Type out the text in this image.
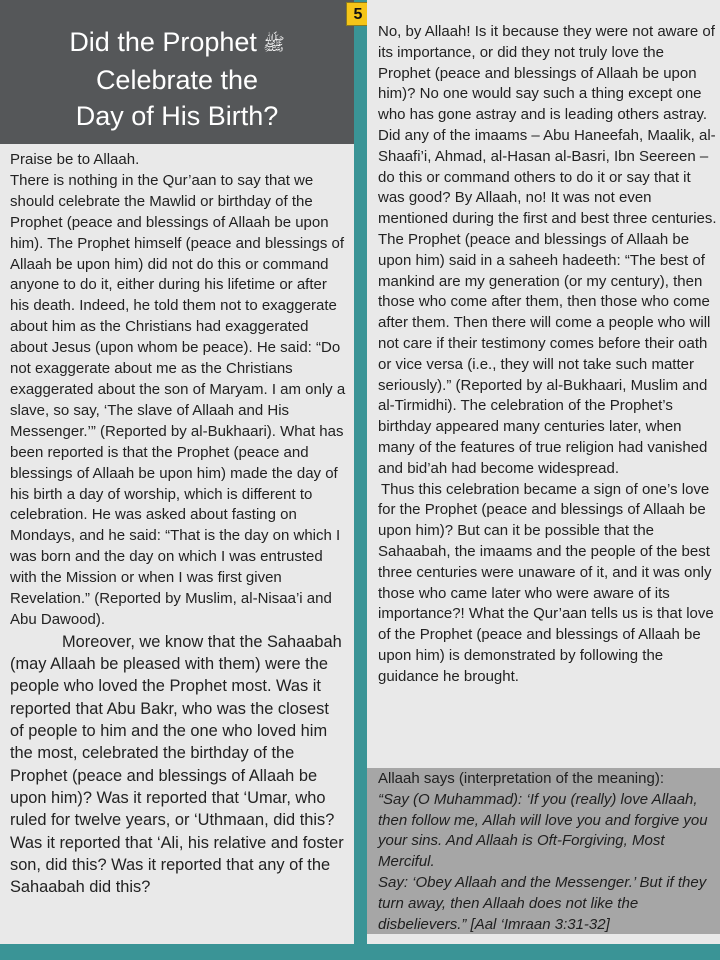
Did the Prophet ﷺ
Celebrate the
Day of His Birth?

Praise be to Allaah.

There is nothing in the Qur’aan to say that we should celebrate the Mawlid or birthday of the Prophet (peace and blessings of Allaah be upon him). The Prophet himself (peace and blessings of Allaah be upon him) did not do this or command anyone to do it, either during his lifetime or after his death. Indeed, he told them not to exaggerate about him as the Christians had exaggerated about Jesus (upon whom be peace). He said: “Do not exaggerate about me as the Christians exaggerated about the son of Maryam. I am only a slave, so say, ‘The slave of Allaah and His Messenger.’” (Reported by al-Bukhaari). What has been reported is that the Prophet (peace and blessings of Allaah be upon him) made the day of his birth a day of worship, which is different to celebration. He was asked about fasting on Mondays, and he said: “That is the day on which I was born and the day on which I was entrusted with the Mission or when I was first given Revelation.” (Reported by Muslim, al-Nisaa’i and Abu Dawood).

Moreover, we know that the Sahaabah (may Allaah be pleased with them) were the people who loved the Prophet most. Was it reported that Abu Bakr, who was the closest of people to him and the one who loved him the most, celebrated the birthday of the Prophet (peace and blessings of Allaah be upon him)? Was it reported that ‘Umar, who ruled for twelve years, or ‘Uthmaan, did this? Was it reported that ‘Ali, his relative and foster son, did this? Was it reported that any of the Sahaabah did this?

5

No, by Allaah! Is it because they were not aware of its importance, or did they not truly love the Prophet (peace and blessings of Allaah be upon him)? No one would say such a thing except one who has gone astray and is leading others astray.

Did any of the imaams – Abu Haneefah, Maalik, al-Shaafi’i, Ahmad, al-Hasan al-Basri, Ibn Seereen – do this or command others to do it or say that it was good? By Allaah, no! It was not even mentioned during the first and best three centuries. The Prophet (peace and blessings of Allaah be upon him) said in a saheeh hadeeth: “The best of mankind are my generation (or my century), then those who come after them, then those who come after them. Then there will come a people who will not care if their testimony comes before their oath or vice versa (i.e., they will not take such matter seriously).” (Reported by al-Bukhaari, Muslim and al-Tirmidhi). The celebration of the Prophet’s birthday appeared many centuries later, when many of the features of true religion had vanished and bid’ah had become widespread.

Thus this celebration became a sign of one’s love for the Prophet (peace and blessings of Allaah be upon him)? But can it be possible that the Sahaabah, the imaams and the people of the best three centuries were unaware of it, and it was only those who came later who were aware of its importance?! What the Qur’aan tells us is that love of the Prophet (peace and blessings of Allaah be upon him) is demonstrated by following the guidance he brought.

Allaah says (interpretation of the meaning):

“Say (O Muhammad): ‘If you (really) love Allaah, then follow me, Allah will love you and forgive you your sins. And Allaah is Oft-Forgiving, Most Merciful.

Say: ‘Obey Allaah and the Messenger.’ But if they turn away, then Allaah does not like the disbelievers.” [Aal ‘Imraan 3:31-32]
